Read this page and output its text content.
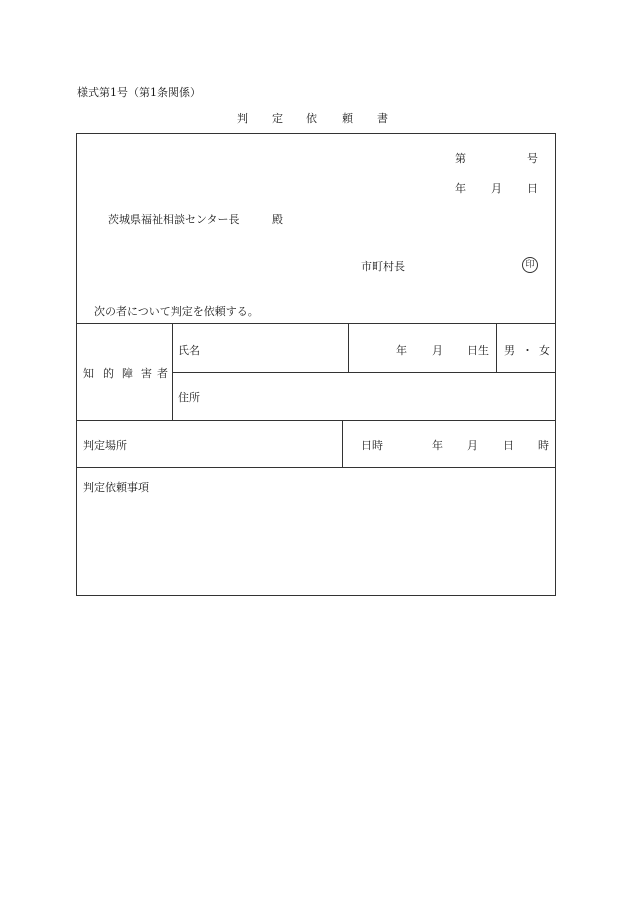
様式第1号（第1条関係）
判 定 依 頼 書
第	号
年 月 日
茨城県福祉相談センター長	殿
市町村長	印
次の者について判定を依頼する。
知 的 障 害 者
氏名	年 月 日生 男 ・ 女
住所
判定場所	日時	年 月 日 時
判定依頼事項
